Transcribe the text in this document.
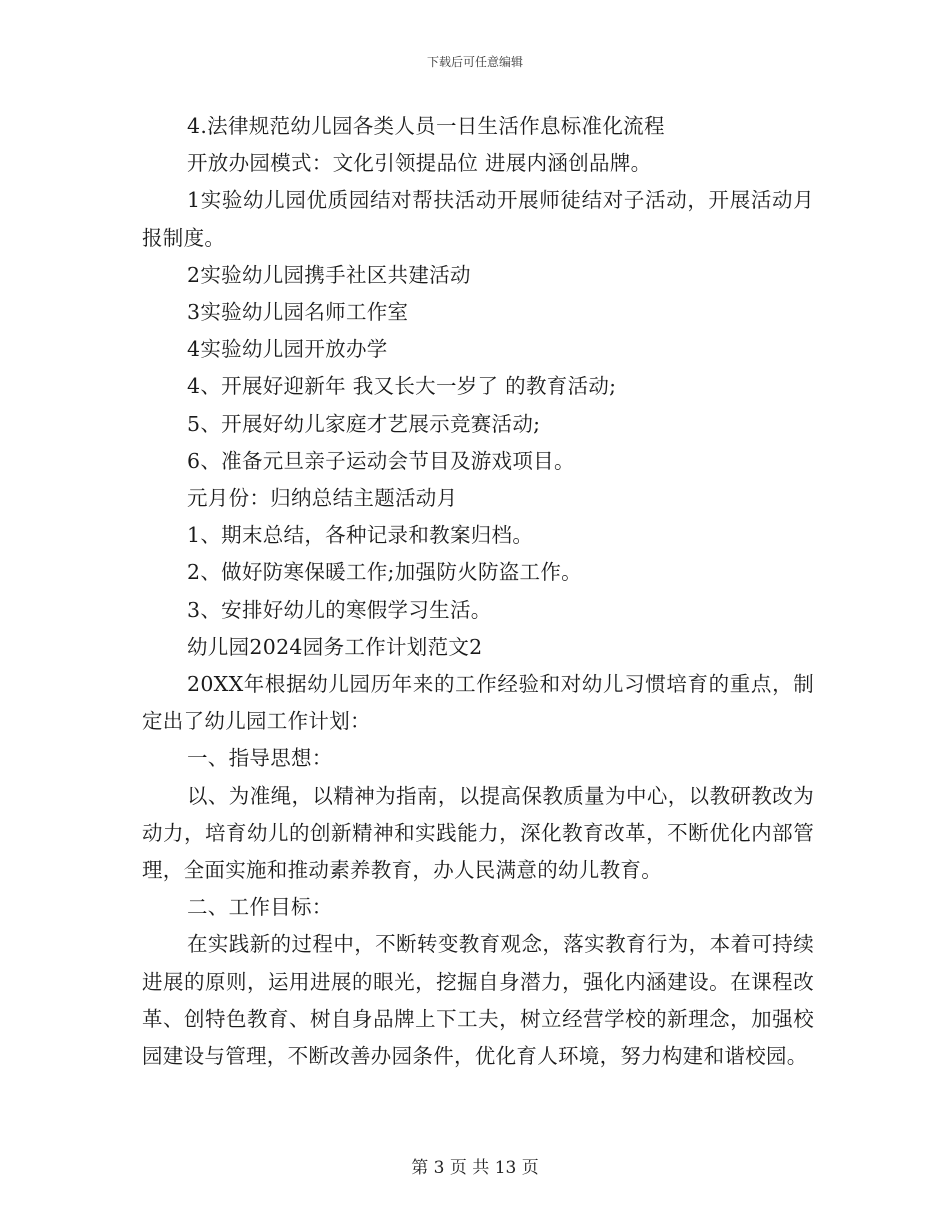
下载后可任意编辑

4.法律规范幼儿园各类人员一日生活作息标准化流程

开放办园模式：文化引领提品位 进展内涵创品牌。

1实验幼儿园优质园结对帮扶活动开展师徒结对子活动，开展活动月报制度。

2实验幼儿园携手社区共建活动

3实验幼儿园名师工作室

4实验幼儿园开放办学

4、开展好迎新年 我又长大一岁了 的教育活动;

5、开展好幼儿家庭才艺展示竞赛活动;

6、准备元旦亲子运动会节目及游戏项目。

元月份：归纳总结主题活动月

1、期末总结，各种记录和教案归档。

2、做好防寒保暖工作;加强防火防盗工作。

3、安排好幼儿的寒假学习生活。

幼儿园2024园务工作计划范文2

20XX年根据幼儿园历年来的工作经验和对幼儿习惯培育的重点，制定出了幼儿园工作计划：

一、指导思想：

以、为准绳，以精神为指南，以提高保教质量为中心，以教研教改为动力，培育幼儿的创新精神和实践能力，深化教育改革，不断优化内部管理，全面实施和推动素养教育，办人民满意的幼儿教育。

二、工作目标：

在实践新的过程中，不断转变教育观念，落实教育行为，本着可持续进展的原则，运用进展的眼光，挖掘自身潜力，强化内涵建设。在课程改革、创特色教育、树自身品牌上下工夫，树立经营学校的新理念，加强校园建设与管理，不断改善办园条件，优化育人环境，努力构建和谐校园。

第 3 页 共 13 页
